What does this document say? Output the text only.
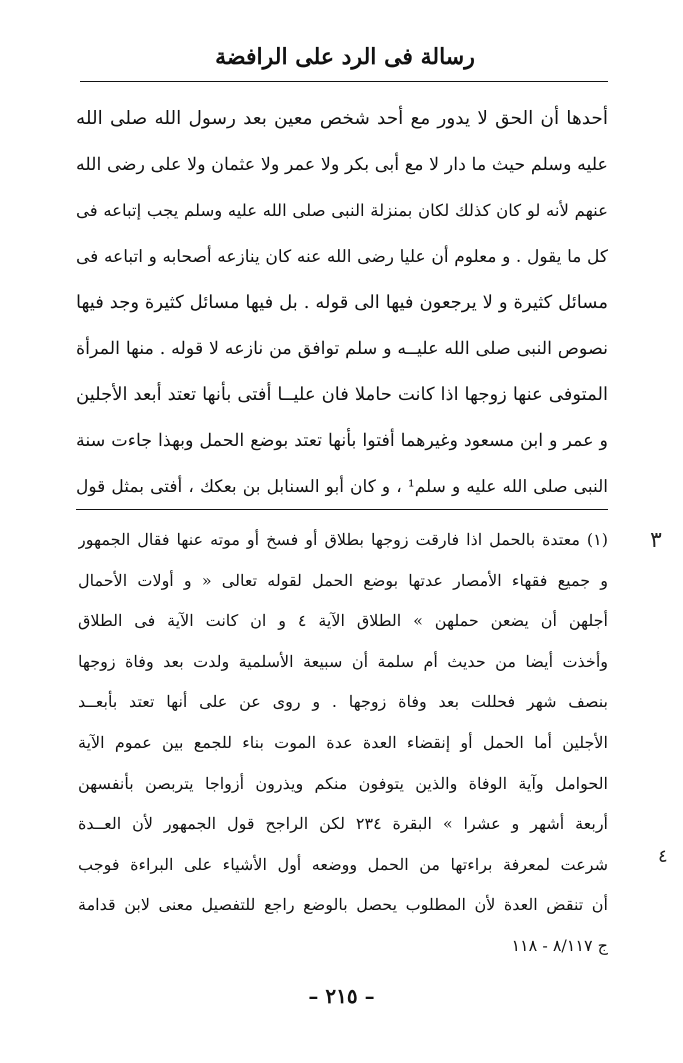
رسالة فى الرد على الرافضة
أحدها أن الحق لا يدور مع أحد شخص معين بعد رسول الله صلى الله
عليه وسلم حيث ما دار لا مع أبى بكر ولا عمر ولا عثمان ولا على رضى الله
عنهم لأنه لو كان كذلك لكان بمنزلة النبى صلى الله عليه وسلم يجب إتباعه فى
كل ما يقول . و معلوم أن عليا رضى الله عنه كان ينازعه أصحابه و اتباعه فى
مسائل كثيرة و لا يرجعون فيها الى قوله . بل فيها مسائل كثيرة وجد فيها
نصوص النبى صلى الله عليــه و سلم توافق من نازعه لا قوله . منها المرأة
المتوفى عنها زوجها اذا كانت حاملا فان عليــا أفتى بأنها تعتد أبعد الأجلين
و عمر و ابن مسعود وغيرهما أفتوا بأنها تعتد بوضع الحمل وبهذا جاءت سنة
النبى صلى الله عليه و سلم¹ ، و كان أبو السنابل بن بعكك ، أفتى بمثل قول
٣
٤
(١) معتدة بالحمل اذا فارقت زوجها بطلاق أو فسخ أو موته عنها فقال الجمهور
و جميع فقهاء الأمصار عدتها بوضع الحمل لقوله تعالى « و أولات الأحمال
أجلهن أن يضعن حملهن » الطلاق الآية ٤ و ان كانت الآية فى الطلاق
وأخذت أيضا من حديث أم سلمة أن سبيعة الأسلمية ولدت بعد وفاة زوجها
بنصف شهر فحللت بعد وفاة زوجها . و روى عن على أنها تعتد بأبعــد
الأجلين أما الحمل أو إنقضاء العدة عدة الموت بناء للجمع بين عموم الآية
الحوامل وآية الوفاة والذين يتوفون منكم ويذرون أزواجا يتربصن بأنفسهن
أربعة أشهر و عشرا » البقرة ٢٣٤ لكن الراجح قول الجمهور لأن العــدة
شرعت لمعرفة براءتها من الحمل ووضعه أول الأشياء على البراءة فوجب
أن تنقض العدة لأن المطلوب يحصل بالوضع راجع للتفصيل معنى لابن قدامة
ج ٨/١١٧ - ١١٨
– ٢١٥ –
